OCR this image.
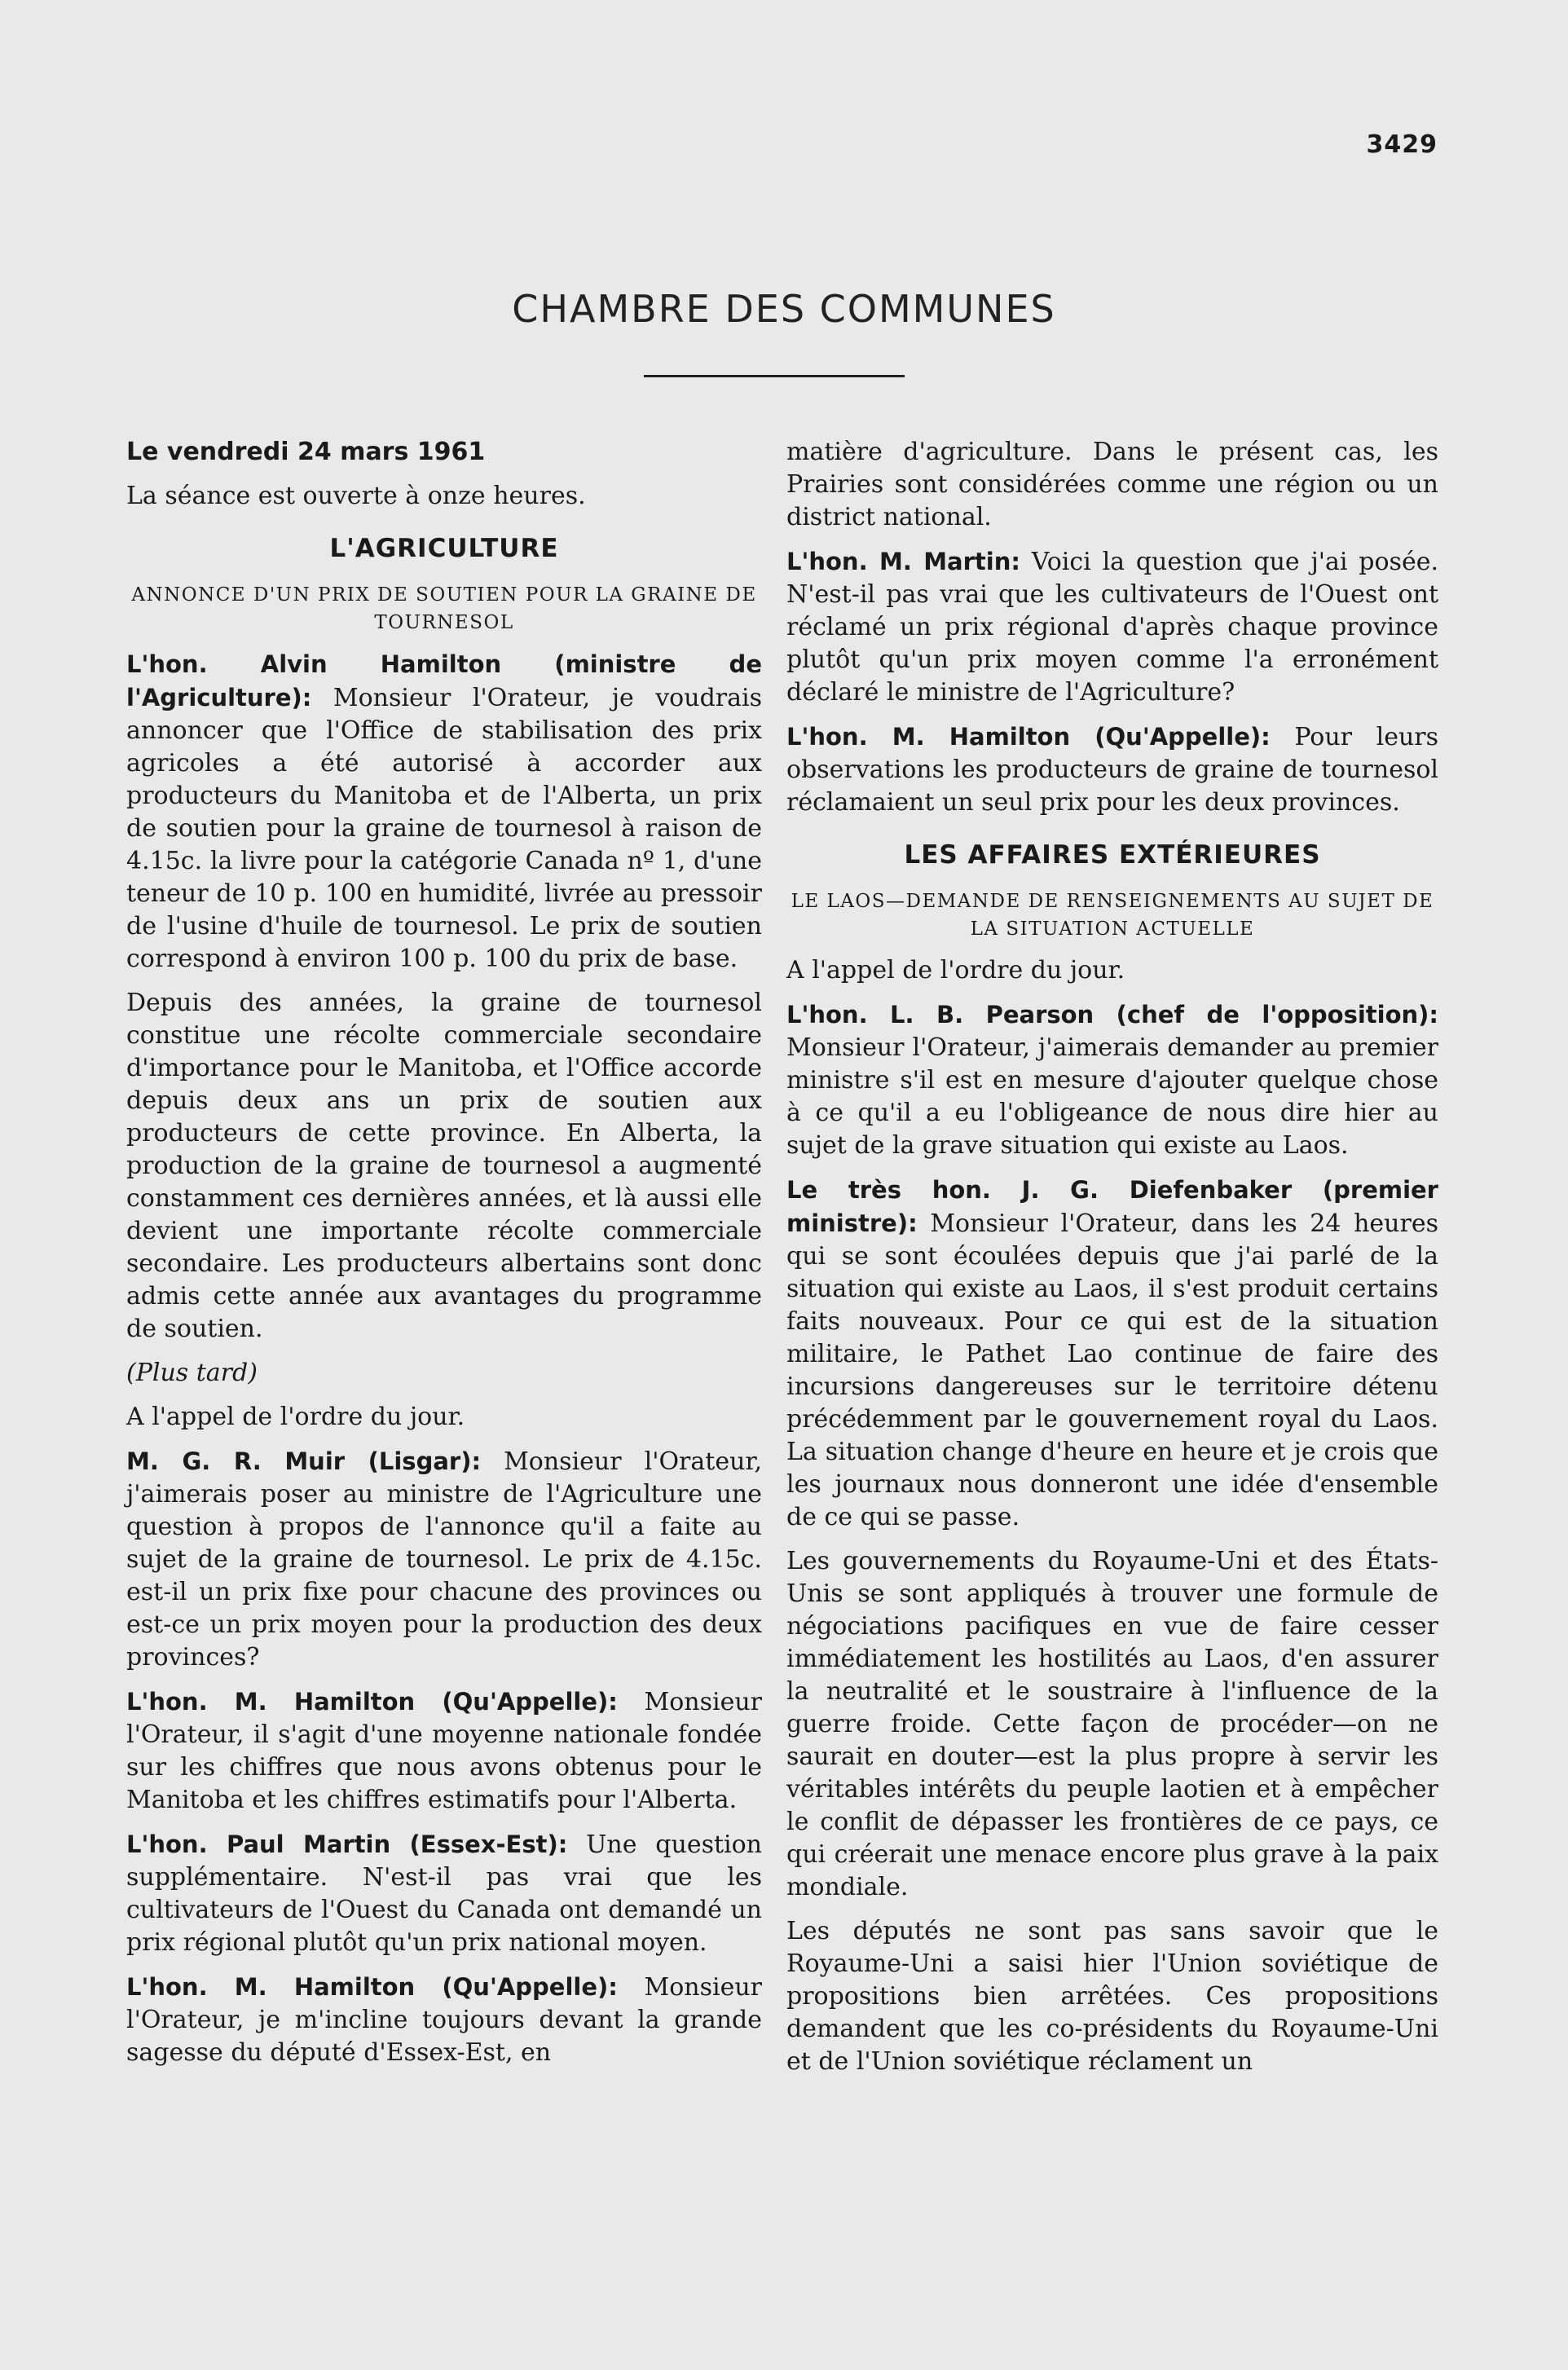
3429
CHAMBRE DES COMMUNES

Le vendredi 24 mars 1961

La séance est ouverte à onze heures.

L'AGRICULTURE
ANNONCE D'UN PRIX DE SOUTIEN POUR LA GRAINE DE TOURNESOL

L'hon. Alvin Hamilton (ministre de l'Agriculture): Monsieur l'Orateur, je voudrais annoncer que l'Office de stabilisation des prix agricoles a été autorisé à accorder aux producteurs du Manitoba et de l'Alberta, un prix de soutien pour la graine de tournesol à raison de 4.15c. la livre pour la catégorie Canada nº 1, d'une teneur de 10 p. 100 en humidité, livrée au pressoir de l'usine d'huile de tournesol. Le prix de soutien correspond à environ 100 p. 100 du prix de base.

Depuis des années, la graine de tournesol constitue une récolte commerciale secondaire d'importance pour le Manitoba, et l'Office accorde depuis deux ans un prix de soutien aux producteurs de cette province. En Alberta, la production de la graine de tournesol a augmenté constamment ces dernières années, et là aussi elle devient une importante récolte commerciale secondaire. Les producteurs albertains sont donc admis cette année aux avantages du programme de soutien.

(Plus tard)

A l'appel de l'ordre du jour.

M. G. R. Muir (Lisgar): Monsieur l'Orateur, j'aimerais poser au ministre de l'Agriculture une question à propos de l'annonce qu'il a faite au sujet de la graine de tournesol. Le prix de 4.15c. est-il un prix fixe pour chacune des provinces ou est-ce un prix moyen pour la production des deux provinces?

L'hon. M. Hamilton (Qu'Appelle): Monsieur l'Orateur, il s'agit d'une moyenne nationale fondée sur les chiffres que nous avons obtenus pour le Manitoba et les chiffres estimatifs pour l'Alberta.

L'hon. Paul Martin (Essex-Est): Une question supplémentaire. N'est-il pas vrai que les cultivateurs de l'Ouest du Canada ont demandé un prix régional plutôt qu'un prix national moyen.

L'hon. M. Hamilton (Qu'Appelle): Monsieur l'Orateur, je m'incline toujours devant la grande sagesse du député d'Essex-Est, en

matière d'agriculture. Dans le présent cas, les Prairies sont considérées comme une région ou un district national.

L'hon. M. Martin: Voici la question que j'ai posée. N'est-il pas vrai que les cultivateurs de l'Ouest ont réclamé un prix régional d'après chaque province plutôt qu'un prix moyen comme l'a erronément déclaré le ministre de l'Agriculture?

L'hon. M. Hamilton (Qu'Appelle): Pour leurs observations les producteurs de graine de tournesol réclamaient un seul prix pour les deux provinces.

LES AFFAIRES EXTÉRIEURES
LE LAOS—DEMANDE DE RENSEIGNEMENTS AU SUJET DE LA SITUATION ACTUELLE

A l'appel de l'ordre du jour.

L'hon. L. B. Pearson (chef de l'opposition): Monsieur l'Orateur, j'aimerais demander au premier ministre s'il est en mesure d'ajouter quelque chose à ce qu'il a eu l'obligeance de nous dire hier au sujet de la grave situation qui existe au Laos.

Le très hon. J. G. Diefenbaker (premier ministre): Monsieur l'Orateur, dans les 24 heures qui se sont écoulées depuis que j'ai parlé de la situation qui existe au Laos, il s'est produit certains faits nouveaux. Pour ce qui est de la situation militaire, le Pathet Lao continue de faire des incursions dangereuses sur le territoire détenu précédemment par le gouvernement royal du Laos. La situation change d'heure en heure et je crois que les journaux nous donneront une idée d'ensemble de ce qui se passe.

Les gouvernements du Royaume-Uni et des États-Unis se sont appliqués à trouver une formule de négociations pacifiques en vue de faire cesser immédiatement les hostilités au Laos, d'en assurer la neutralité et le soustraire à l'influence de la guerre froide. Cette façon de procéder—on ne saurait en douter—est la plus propre à servir les véritables intérêts du peuple laotien et à empêcher le conflit de dépasser les frontières de ce pays, ce qui créerait une menace encore plus grave à la paix mondiale.

Les députés ne sont pas sans savoir que le Royaume-Uni a saisi hier l'Union soviétique de propositions bien arrêtées. Ces propositions demandent que les co-présidents du Royaume-Uni et de l'Union soviétique réclament un
